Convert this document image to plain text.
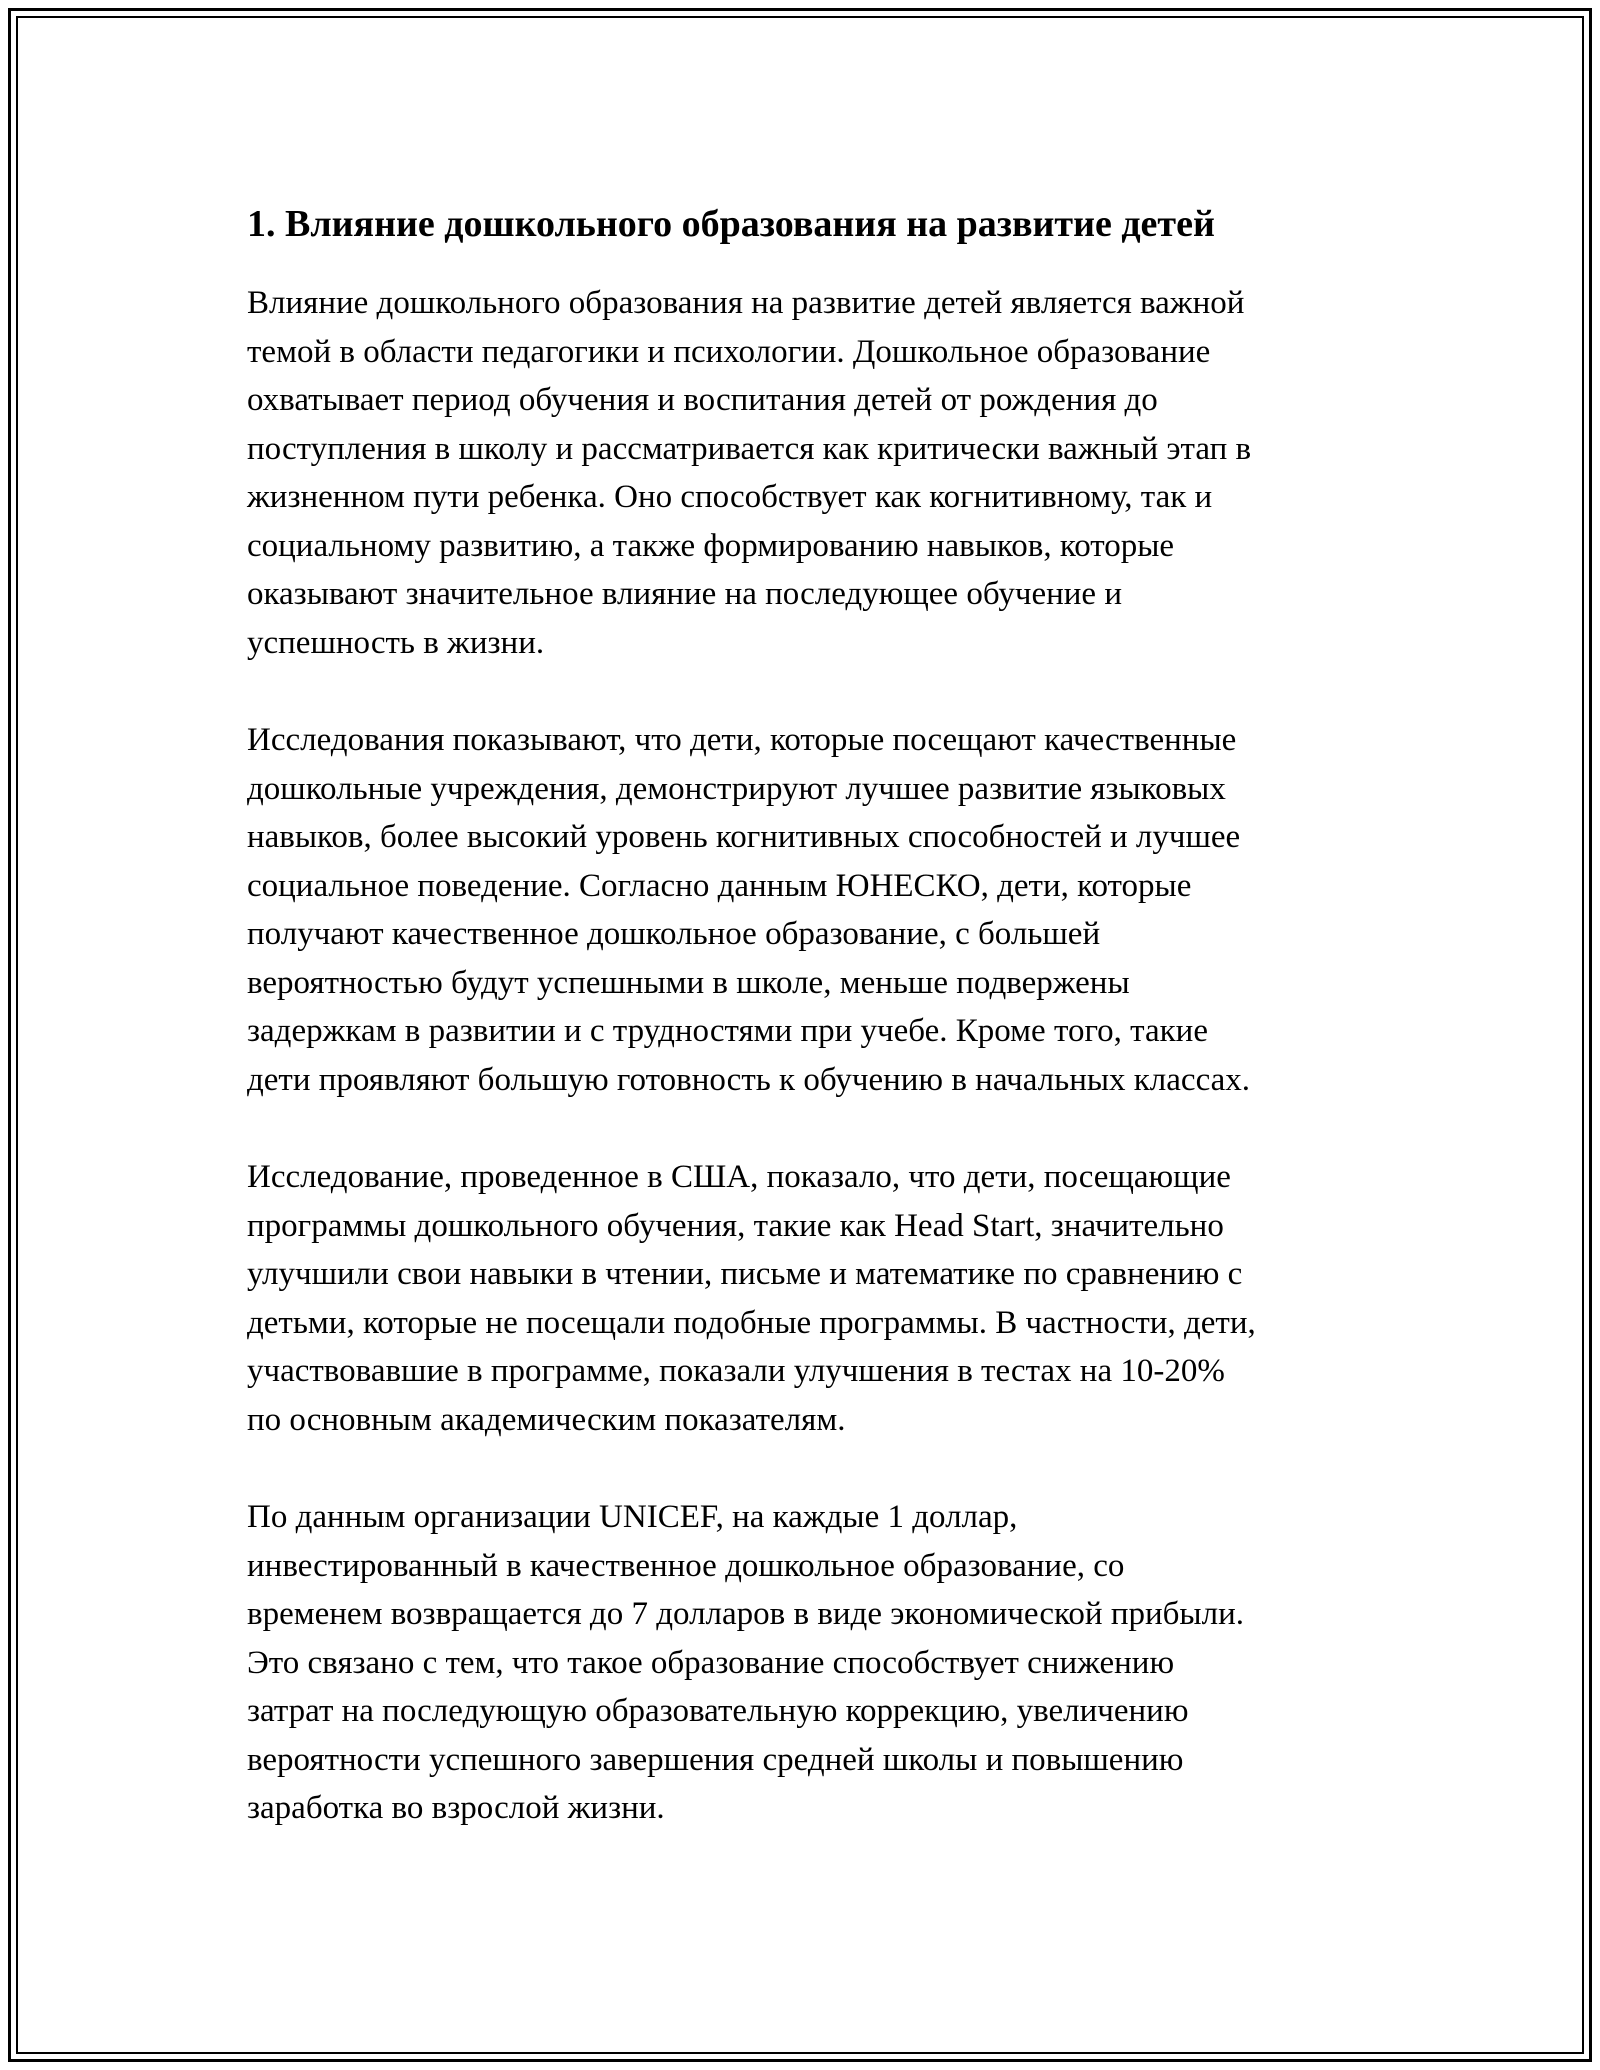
1. Влияние дошкольного образования на развитие детей

Влияние дошкольного образования на развитие детей является важной
темой в области педагогики и психологии. Дошкольное образование
охватывает период обучения и воспитания детей от рождения до
поступления в школу и рассматривается как критически важный этап в
жизненном пути ребенка. Оно способствует как когнитивному, так и
социальному развитию, а также формированию навыков, которые
оказывают значительное влияние на последующее обучение и
успешность в жизни.

Исследования показывают, что дети, которые посещают качественные
дошкольные учреждения, демонстрируют лучшее развитие языковых
навыков, более высокий уровень когнитивных способностей и лучшее
социальное поведение. Согласно данным ЮНЕСКО, дети, которые
получают качественное дошкольное образование, с большей
вероятностью будут успешными в школе, меньше подвержены
задержкам в развитии и с трудностями при учебе. Кроме того, такие
дети проявляют большую готовность к обучению в начальных классах.

Исследование, проведенное в США, показало, что дети, посещающие
программы дошкольного обучения, такие как Head Start, значительно
улучшили свои навыки в чтении, письме и математике по сравнению с
детьми, которые не посещали подобные программы. В частности, дети,
участвовавшие в программе, показали улучшения в тестах на 10-20%
по основным академическим показателям.

По данным организации UNICEF, на каждые 1 доллар,
инвестированный в качественное дошкольное образование, со
временем возвращается до 7 долларов в виде экономической прибыли.
Это связано с тем, что такое образование способствует снижению
затрат на последующую образовательную коррекцию, увеличению
вероятности успешного завершения средней школы и повышению
заработка во взрослой жизни.
